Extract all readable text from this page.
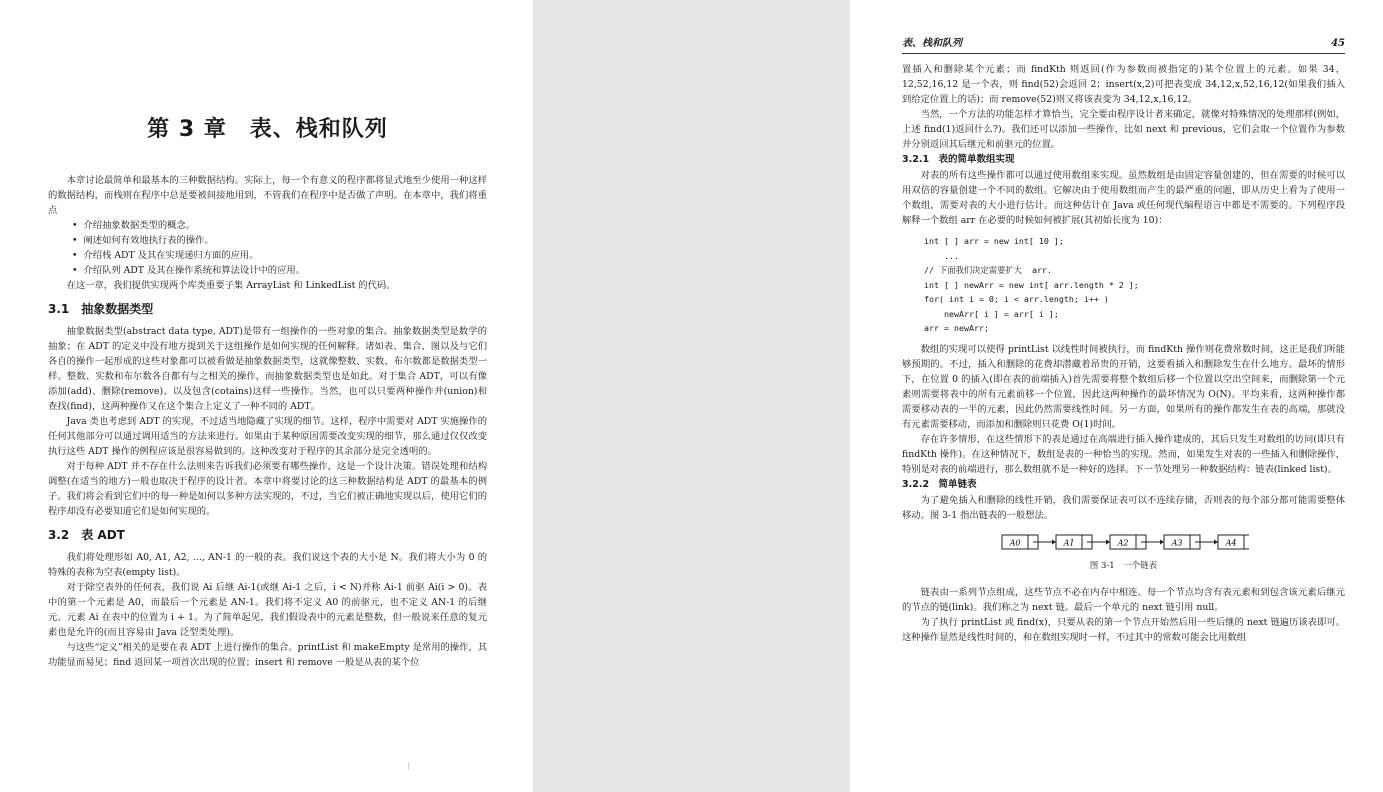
第 3 章　表、栈和队列

本章讨论最简单和最基本的三种数据结构。实际上，每一个有意义的程序都将显式地至少使用一种这样的数据结构，而栈则在程序中总是要被间接地用到，不管我们在程序中是否做了声明。在本章中，我们将重点

• 介绍抽象数据类型的概念。
• 阐述如何有效地执行表的操作。
• 介绍栈 ADT 及其在实现递归方面的应用。
• 介绍队列 ADT 及其在操作系统和算法设计中的应用。

在这一章，我们提供实现两个库类重要子集 ArrayList 和 LinkedList 的代码。

3.1　抽象数据类型

抽象数据类型(abstract data type, ADT)是带有一组操作的一些对象的集合。抽象数据类型是数学的抽象；在 ADT 的定义中没有地方提到关于这组操作是如何实现的任何解释。诸如表、集合、图以及与它们各自的操作一起形成的这些对象都可以被看做是抽象数据类型，这就像整数、实数、布尔数都是数据类型一样。整数、实数和布尔数各自都有与之相关的操作，而抽象数据类型也是如此。对于集合 ADT，可以有像添加(add)、删除(remove)、以及包含(cotains)这样一些操作。当然，也可以只要两种操作并(union)和查找(find)，这两种操作又在这个集合上定义了一种不同的 ADT。

Java 类也考虑到 ADT 的实现，不过适当地隐藏了实现的细节。这样，程序中需要对 ADT 实施操作的任何其他部分可以通过调用适当的方法来进行。如果由于某种原因需要改变实现的细节，那么通过仅仅改变执行这些 ADT 操作的例程应该是很容易做到的。这种改变对于程序的其余部分是完全透明的。

对于每种 ADT 并不存在什么法则来告诉我们必须要有哪些操作，这是一个设计决策。错误处理和结构调整(在适当的地方)一般也取决于程序的设计者。本章中将要讨论的这三种数据结构是 ADT 的最基本的例子。我们将会看到它们中的每一种是如何以多种方法实现的，不过，当它们被正确地实现以后，使用它们的程序却没有必要知道它们是如何实现的。

3.2　表 ADT

我们将处理形如 A0, A1, A2, …, AN-1 的一般的表。我们说这个表的大小是 N。我们将大小为 0 的特殊的表称为空表(empty list)。

对于除空表外的任何表，我们说 Ai 后继 Ai-1(或继 Ai-1 之后，i < N)并称 Ai-1 前驱 Ai(i > 0)。表中的第一个元素是 A0，而最后一个元素是 AN-1。我们将不定义 A0 的前驱元，也不定义 AN-1 的后继元。元素 Ai 在表中的位置为 i + 1。为了简单起见，我们假设表中的元素是整数，但一般说来任意的复元素也是允许的(而且容易由 Java 泛型类处理)。

与这些“定义”相关的是要在表 ADT 上进行操作的集合。printList 和 makeEmpty 是常用的操作，其功能显而易见；find 返回某一项首次出现的位置；insert 和 remove 一般是从表的某个位

表、栈和队列	45

置插入和删除某个元素；而 findKth 则返回(作为参数而被指定的)某个位置上的元素。如果 34，12,52,16,12 是一个表，则 find(52)会返回 2；insert(x,2)可把表变成 34,12,x,52,16,12(如果我们插入到给定位置上的话)；而 remove(52)则又将该表变为 34,12,x,16,12。

当然，一个方法的功能怎样才算恰当，完全要由程序设计者来确定，就像对特殊情况的处理那样(例如，上述 find(1)返回什么?)。我们还可以添加一些操作，比如 next 和 previous，它们会取一个位置作为参数并分别返回其后继元和前驱元的位置。

3.2.1　表的简单数组实现

对表的所有这些操作都可以通过使用数组来实现。虽然数组是由固定容量创建的，但在需要的时候可以用双倍的容量创建一个不同的数组。它解决由于使用数组而产生的最严重的问题，即从历史上看为了使用一个数组，需要对表的大小进行估计。而这种估计在 Java 或任何现代编程语言中都是不需要的。下列程序段解释一个数组 arr 在必要的时候如何被扩展(其初始长度为 10)：

int [ ] arr = new int[ 10 ];
...
// 下面我们决定需要扩大  arr.
int [ ] newArr = new int[ arr.length * 2 ];
for( int i = 0; i < arr.length; i++ )
newArr[ i ] = arr[ i ];
arr = newArr;

数组的实现可以使得 printList 以线性时间被执行，而 findKth 操作则花费常数时间，这正是我们所能够预期的。不过，插入和删除的花费却潜藏着昂贵的开销，这要看插入和删除发生在什么地方。最坏的情形下，在位置 0 的插入(即在表的前端插入)首先需要将整个数组后移一个位置以空出空间来，而删除第一个元素则需要将表中的所有元素前移一个位置，因此这两种操作的最坏情况为 O(N)。平均来看，这两种操作都需要移动表的一半的元素，因此仍然需要线性时间。另一方面，如果所有的操作都发生在表的高端，那就没有元素需要移动，而添加和删除则只花费 O(1)时间。

存在许多情形，在这些情形下的表是通过在高端进行插入操作建成的，其后只发生对数组的访问(即只有 findKth 操作)。在这种情况下，数组是表的一种恰当的实现。然而，如果发生对表的一些插入和删除操作，特别是对表的前端进行，那么数组就不是一种好的选择。下一节处理另一种数据结构：链表(linked list)。

3.2.2　简单链表

为了避免插入和删除的线性开销，我们需要保证表可以不连续存储，否则表的每个部分都可能需要整体移动。图 3-1 指出链表的一般想法。

A0	A1	A2	A3	A4
图 3-1　一个链表

链表由一系列节点组成，这些节点不必在内存中相连。每一个节点均含有表元素和到包含该元素后继元的节点的链(link)。我们称之为 next 链。最后一个单元的 next 链引用 null。

为了执行 printList 或 find(x)，只要从表的第一个节点开始然后用一些后继的 next 链遍历该表即可。这种操作显然是线性时间的，和在数组实现时一样，不过其中的常数可能会比用数组
